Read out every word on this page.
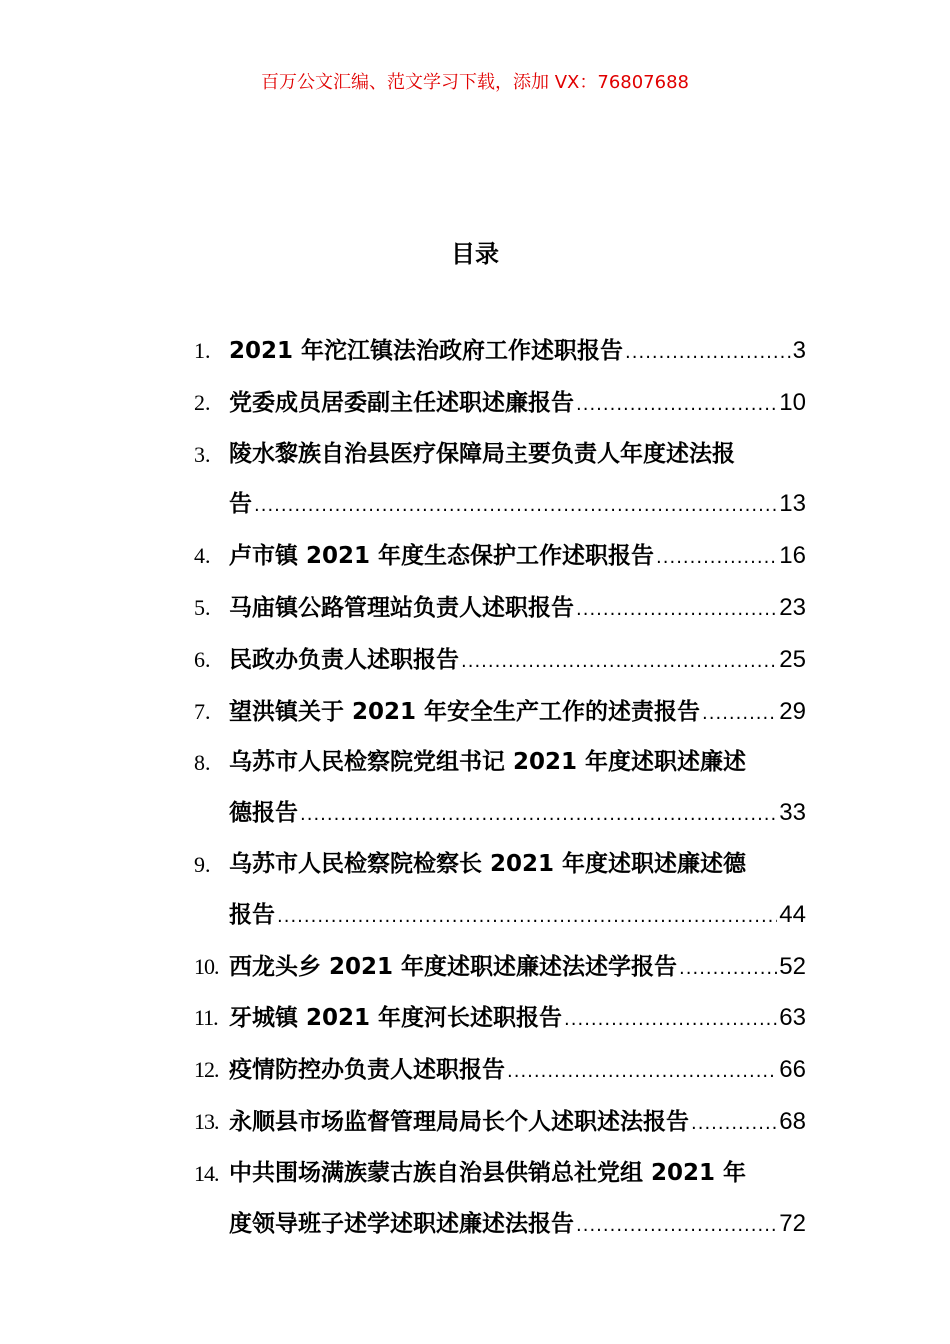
百万公文汇编、范文学习下载，添加 VX：76807688
目录
1. 2021 年沱江镇法治政府工作述职报告 .....	3
2. 党委成员居委副主任述职述廉报告 .....	10
3. 陵水黎族自治县医疗保障局主要负责人年度述法报
告 .....	13
4. 卢市镇 2021 年度生态保护工作述职报告 .....	16
5. 马庙镇公路管理站负责人述职报告 .....	23
6. 民政办负责人述职报告 .....	25
7. 望洪镇关于 2021 年安全生产工作的述责报告 .....	29
8. 乌苏市人民检察院党组书记 2021 年度述职述廉述
德报告 .....	33
9. 乌苏市人民检察院检察长 2021 年度述职述廉述德
报告 .....	44
10. 西龙头乡 2021 年度述职述廉述法述学报告 .....	52
11. 牙城镇 2021 年度河长述职报告 .....	63
12. 疫情防控办负责人述职报告 .....	66
13. 永顺县市场监督管理局局长个人述职述法报告 .....	68
14. 中共围场满族蒙古族自治县供销总社党组 2021 年
度领导班子述学述职述廉述法报告 .....	72
